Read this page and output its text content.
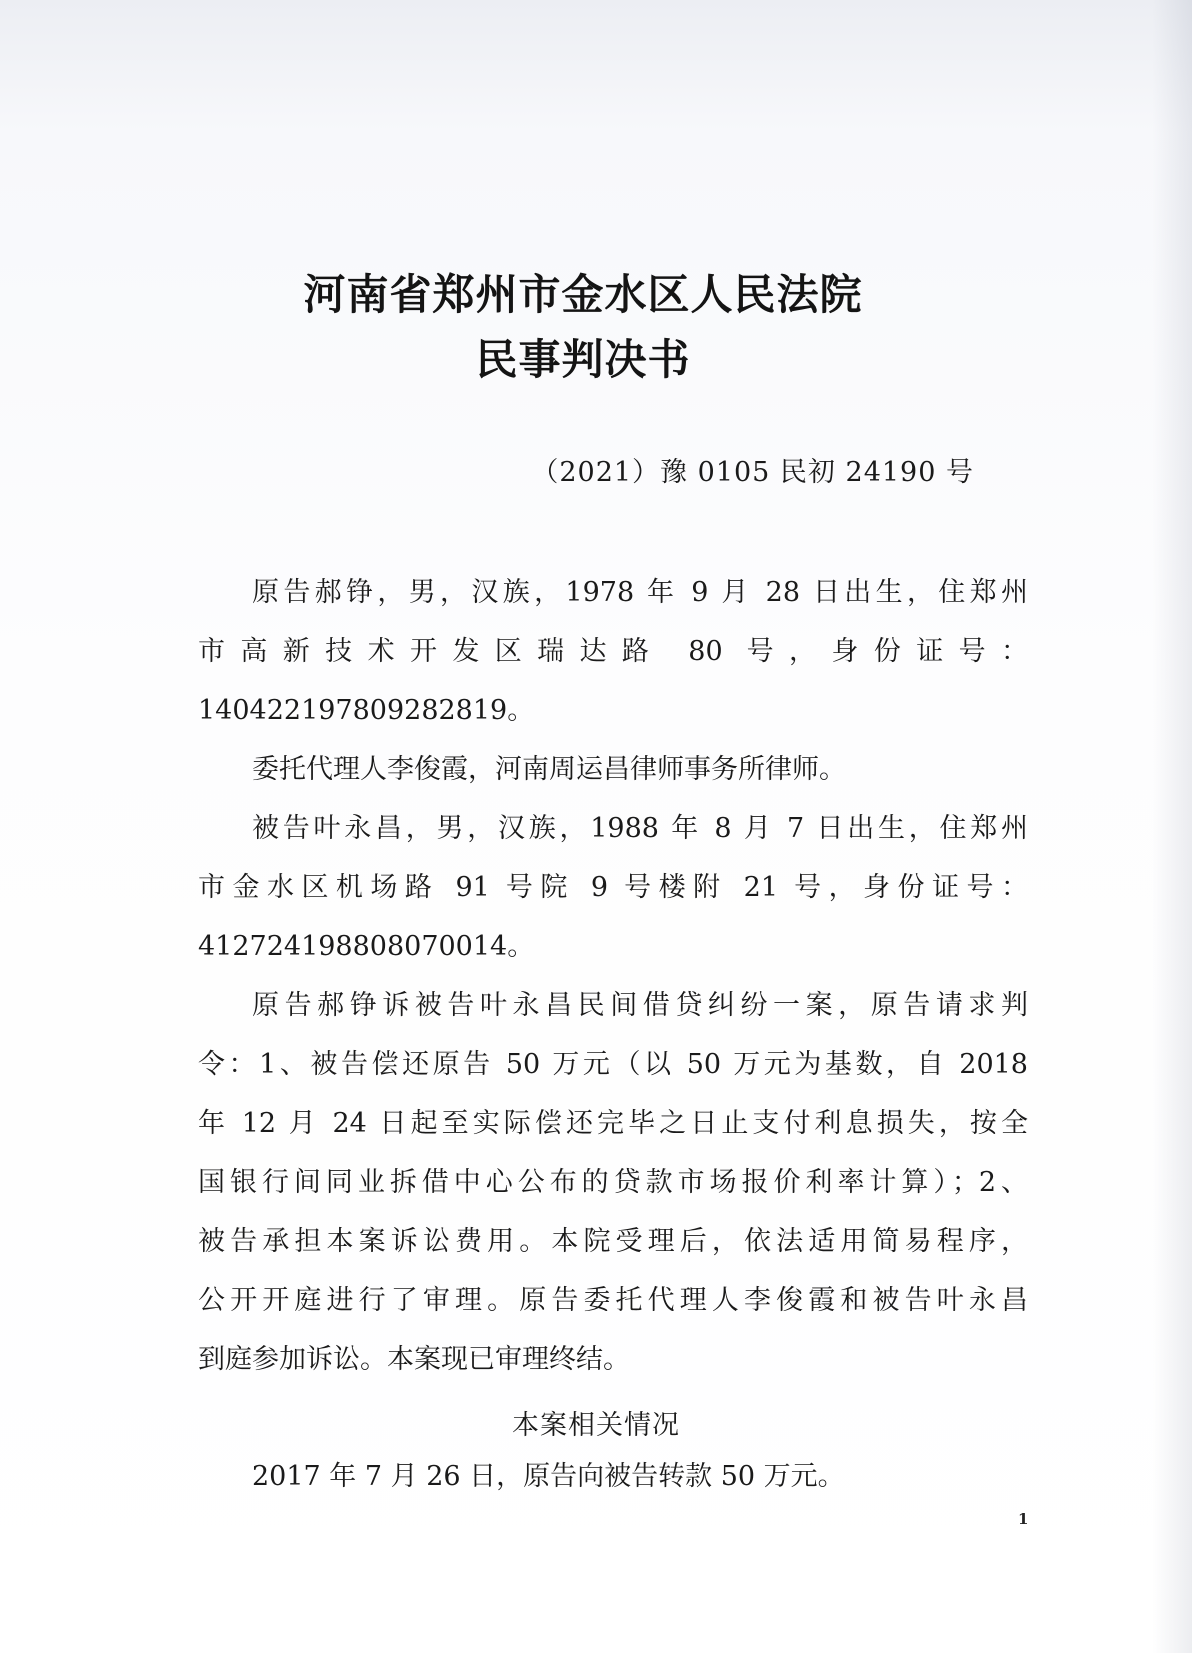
河南省郑州市金水区人民法院
民事判决书
（2021）豫 0105 民初 24190 号
原告郝铮，男，汉族，1978 年 9 月 28 日出生，住郑州
市高新技术开发区瑞达路 80 号，身份证号：
140422197809282819。
委托代理人李俊霞，河南周运昌律师事务所律师。
被告叶永昌，男，汉族，1988 年 8 月 7 日出生，住郑州
市金水区机场路 91 号院 9 号楼附 21 号，身份证号：
412724198808070014。
原告郝铮诉被告叶永昌民间借贷纠纷一案，原告请求判
令：1、被告偿还原告 50 万元（以 50 万元为基数，自 2018
年 12 月 24 日起至实际偿还完毕之日止支付利息损失，按全
国银行间同业拆借中心公布的贷款市场报价利率计算）；2、
被告承担本案诉讼费用。本院受理后，依法适用简易程序，
公开开庭进行了审理。原告委托代理人李俊霞和被告叶永昌
到庭参加诉讼。本案现已审理终结。
本案相关情况
2017 年 7 月 26 日，原告向被告转款 50 万元。
1
